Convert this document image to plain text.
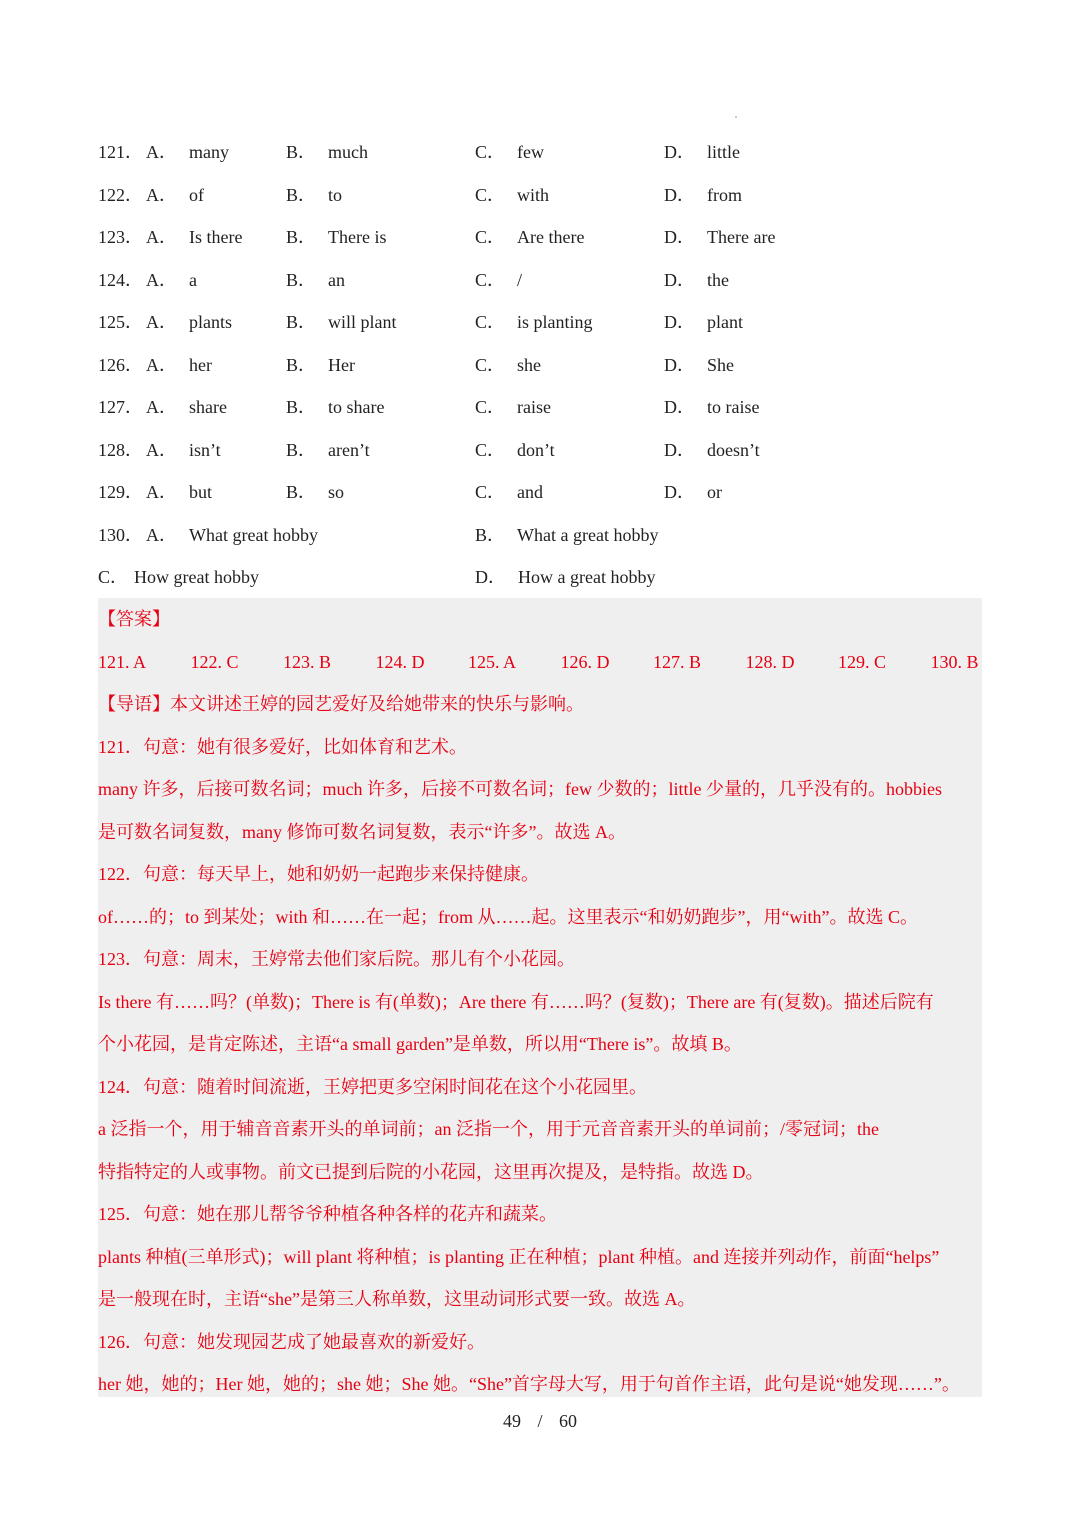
121． A． many	B． much	C． few	D． little
122． A． of	B． to	C． with	D． from
123． A． Is there B． There is	C． Are there	D． There are
124． A． a	B． an	C． /	D． the
125． A． plants	B． will plant	C． is planting	D． plant
126． A． her	B． Her	C． she	D． She
127． A． share	B． to share	C． raise	D． to raise
128． A． isn’t	B． aren’t	C． don’t	D． doesn’t
129． A． but	B． so	C． and	D． or
130． A． What great hobby	B． What a great hobby
C． How great hobby	D． How a great hobby
【答案】
121. A 122. C 123. B 124. D 125. A 126. D 127. B 128. D 129. C 130. B
【导语】本文讲述王婷的园艺爱好及给她带来的快乐与影响。
121．句意：她有很多爱好，比如体育和艺术。
many 许多，后接可数名词；much 许多，后接不可数名词；few 少数的；little 少量的，几乎没有的。hobbies
是可数名词复数，many 修饰可数名词复数，表示“许多”。故选 A。
122．句意：每天早上，她和奶奶一起跑步来保持健康。
of……的；to 到某处；with 和……在一起；from 从……起。这里表示“和奶奶跑步”，用“with”。故选 C。
123．句意：周末，王婷常去他们家后院。那儿有个小花园。
Is there 有……吗？(单数)；There is 有(单数)；Are there 有……吗？(复数)；There are 有(复数)。描述后院有
个小花园，是肯定陈述，主语“a small garden”是单数，所以用“There is”。故填 B。
124．句意：随着时间流逝，王婷把更多空闲时间花在这个小花园里。
a 泛指一个，用于辅音音素开头的单词前；an 泛指一个，用于元音音素开头的单词前；/零冠词；the
特指特定的人或事物。前文已提到后院的小花园，这里再次提及，是特指。故选 D。
125．句意：她在那儿帮爷爷种植各种各样的花卉和蔬菜。
plants 种植(三单形式)；will plant 将种植；is planting 正在种植；plant 种植。and 连接并列动作，前面“helps”
是一般现在时，主语“she”是第三人称单数，这里动词形式要一致。故选 A。
126．句意：她发现园艺成了她最喜欢的新爱好。
her 她，她的；Her 她，她的；she 她；She 她。“She”首字母大写，用于句首作主语，此句是说“她发现……”。
49 / 60
